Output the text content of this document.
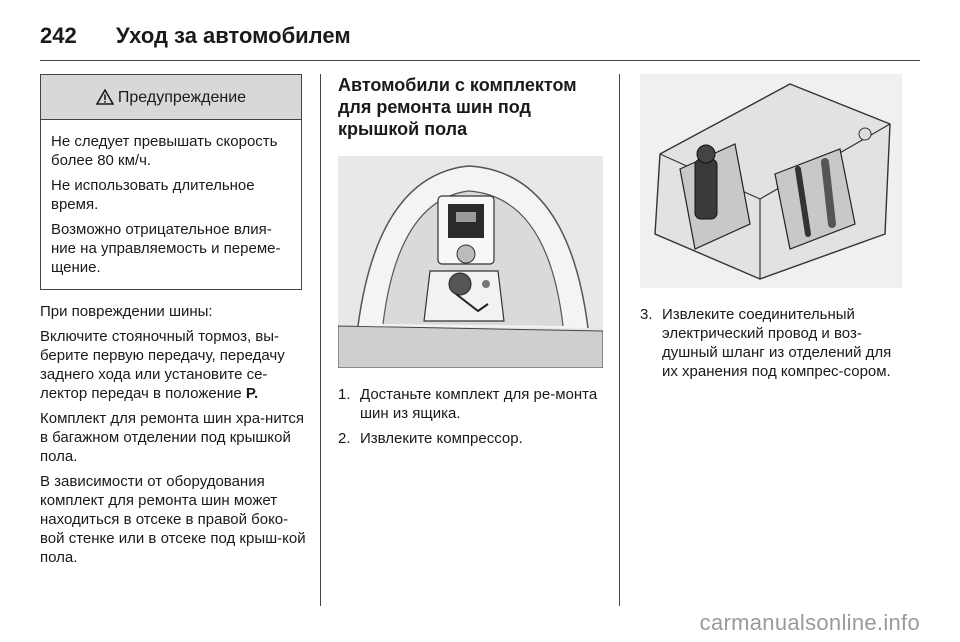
242	Уход за автомобилем
Предупреждение

Не следует превышать скорость более 80 км/ч.

Не использовать длительное время.

Возможно отрицательное влия-ние на управляемость и переме-щение.

При повреждении шины:

Включите стояночный тормоз, вы-берите первую передачу, передачу заднего хода или установите се-лектор передач в положение P.

Комплект для ремонта шин хра-нится в багажном отделении под крышкой пола.

В зависимости от оборудования комплект для ремонта шин может находиться в отсеке в правой боко-вой стенке или в отсеке под крыш-кой пола.

Автомобили с комплектом для ремонта шин под крышкой пола
1. Достаньте комплект для ре-монта шин из ящика.
2. Извлеките компрессор.
3. Извлеките соединительный электрический провод и воз-душный шланг из отделений для их хранения под компрес-сором.
carmanualsonline.info
